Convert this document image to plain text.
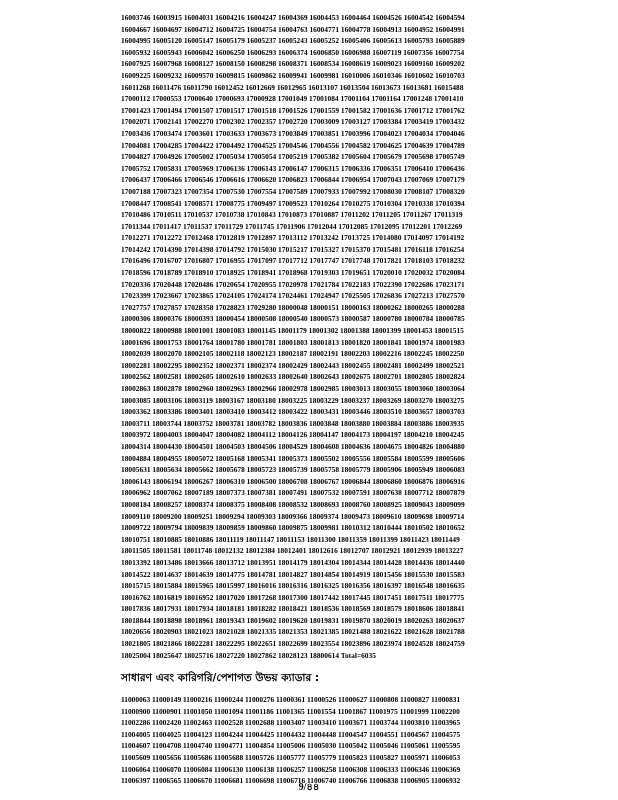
16003746 16003915 16004031 16004216 16004247 16004369 16004453 16004464 16004526 16004542 16004594
16004667 16004697 16004712 16004725 16004754 16004763 16004771 16004778 16004913 16004952 16004991
16004995 16005120 16005147 16005179 16005237 16005243 16005252 16005406 16005613 16005793 16005889
16005932 16005943 16006042 16006250 16006293 16006374 16006850 16006988 16007119 16007356 16007754
16007925 16007968 16008127 16008150 16008298 16008371 16008534 16008619 16009023 16009160 16009202
16009225 16009232 16009570 16009815 16009862 16009941 16009981 16010006 16010346 16010602 16010703
16011268 16011476 16011790 16012452 16012669 16012965 16013107 16013504 16013673 16013681 16015488
17000112 17000553 17000640 17000693 17000928 17001049 17001084 17001104 17001164 17001248 17001410
17001423 17001494 17001507 17001517 17001518 17001526 17001559 17001582 17001636 17001712 17001762
17002071 17002141 17002270 17002302 17002357 17002720 17003009 17003127 17003384 17003419 17003432
17003436 17003474 17003601 17003633 17003673 17003849 17003851 17003996 17004023 17004034 17004046
17004081 17004285 17004422 17004492 17004525 17004546 17004556 17004582 17004625 17004639 17004789
17004827 17004926 17005002 17005034 17005054 17005219 17005382 17005604 17005679 17005698 17005749
17005752 17005831 17005969 17006136 17006143 17006147 17006315 17006336 17006351 17006410 17006436
17006437 17006466 17006546 17006616 17006620 17006823 17006844 17006954 17007043 17007069 17007179
17007188 17007323 17007354 17007530 17007554 17007589 17007933 17007992 17008030 17008107 17008320
17008447 17008541 17008571 17008775 17009497 17009523 17010264 17010275 17010304 17010338 17010394
17010486 17010511 17010537 17010738 17010843 17010873 17010887 17011202 17011205 17011267 17011319
17011344 17011417 17011537 17011729 17011745 17011906 17012044 17012085 17012095 17012201 17012269
17012271 17012272 17012468 17012819 17012897 17013112 17013242 17013725 17014080 17014097 17014192
17014242 17014390 17014398 17014792 17015030 17015217 17015327 17015370 17015481 17016118 17016254
17016496 17016707 17016807 17016955 17017097 17017712 17017747 17017748 17017821 17018103 17018232
17018596 17018789 17018910 17018925 17018941 17018968 17019303 17019651 17020010 17020032 17020084
17020336 17020448 17020486 17020654 17020955 17020978 17021784 17022183 17022390 17022686 17023171
17023399 17023667 17023865 17024105 17024174 17024461 17024947 17025505 17026836 17027213 17027570
17027757 17027857 17028358 17028823 17029280 18000048 18000151 18000163 18000262 18000265 18000288
18000306 18000376 18000393 18000454 18000508 18000540 18000573 18000587 18000780 18000784 18000785
18000822 18000988 18001001 18001083 18001145 18001179 18001302 18001388 18001399 18001453 18001515
18001696 18001753 18001764 18001780 18001781 18001803 18001813 18001820 18001841 18001974 18001983
18002039 18002070 18002105 18002118 18002123 18002187 18002191 18002203 18002216 18002245 18002250
18002281 18002295 18002352 18002371 18002374 18002429 18002443 18002455 18002481 18002499 18002521
18002562 18002581 18002605 18002610 18002633 18002640 18002643 18002675 18002701 18002805 18002824
18002863 18002878 18002960 18002963 18002966 18002978 18002985 18003013 18003055 18003060 18003064
18003085 18003106 18003119 18003167 18003180 18003225 18003229 18003237 18003269 18003270 18003275
18003362 18003386 18003401 18003410 18003412 18003422 18003431 18003446 18003510 18003657 18003703
18003711 18003744 18003752 18003781 18003782 18003836 18003848 18003880 18003884 18003886 18003935
18003972 18004003 18004047 18004082 18004112 18004126 18004147 18004173 18004197 18004210 18004245
18004314 18004430 18004501 18004503 18004506 18004529 18004608 18004636 18004675 18004826 18004880
18004884 18004955 18005072 18005168 18005341 18005373 18005502 18005556 18005584 18005599 18005606
18005631 18005634 18005662 18005678 18005723 18005739 18005758 18005779 18005906 18005949 18006083
18006143 18006194 18006267 18006310 18006500 18006708 18006767 18006844 18006860 18006876 18006916
18006962 18007062 18007189 18007373 18007381 18007491 18007532 18007591 18007638 18007712 18007879
18008184 18008257 18008374 18008375 18008408 18008532 18008693 18008760 18008925 18009043 18009099
18009110 18009200 18009251 18009294 18009303 18009366 18009374 18009473 18009610 18009698 18009714
18009722 18009794 18009839 18009859 18009860 18009875 18009981 18010312 18010444 18010502 18010652
18010751 18010885 18010886 18011119 18011147 18011153 18011300 18011359 18011399 18011423 18011449
18011505 18011581 18011748 18012132 18012384 18012401 18012616 18012707 18012921 18012939 18013227
18013392 18013486 18013666 18013712 18013951 18014179 18014304 18014344 18014428 18014436 18014440
18014522 18014637 18014639 18014775 18014781 18014827 18014854 18014919 18015456 18015530 18015583
18015715 18015884 18015965 18015997 18016016 18016316 18016325 18016356 18016397 18016548 18016635
18016762 18016819 18016952 18017020 18017268 18017300 18017442 18017445 18017451 18017511 18017775
18017836 18017931 18017934 18018181 18018282 18018421 18018536 18018569 18018579 18018606 18018841
18018844 18018898 18018961 18019343 18019602 18019620 18019831 18019870 18020019 18020263 18020637
18020656 18020903 18021023 18021028 18021335 18021353 18021385 18021488 18021622 18021628 18021788
18021805 18021866 18022281 18022295 18022651 18022699 18023554 18023896 18023974 18024528 18024759
18025004 18025647 18025716 18027220 18027862 18028123 18800614 Total=6035
সাধারণ এবং কারিগরি/পেশাগত উভয় ক্যাডার :
11000063 11000149 11000216 11000244 11000276 11000361 11000526 11000627 11000808 11000827 11000831
11000900 11000901 11001050 11001094 11001186 11001365 11001554 11001867 11001975 11001999 11002200
11002286 11002420 11002463 11002528 11002688 11003407 11003410 11003671 11003744 11003810 11003965
11004005 11004025 11004123 11004244 11004425 11004432 11004448 11004547 11004551 11004567 11004575
11004607 11004708 11004740 11004771 11004854 11005006 11005030 11005042 11005046 11005061 11005595
11005609 11005656 11005686 11005688 11005726 11005777 11005779 11005823 11005827 11005971 11006053
11006064 11006070 11006084 11006130 11006138 11006257 11006258 11006308 11006333 11006346 11006369
11006397 11006565 11006670 11006681 11006698 11006716 11006740 11006766 11006838 11006905 11006932
9/৪৪
